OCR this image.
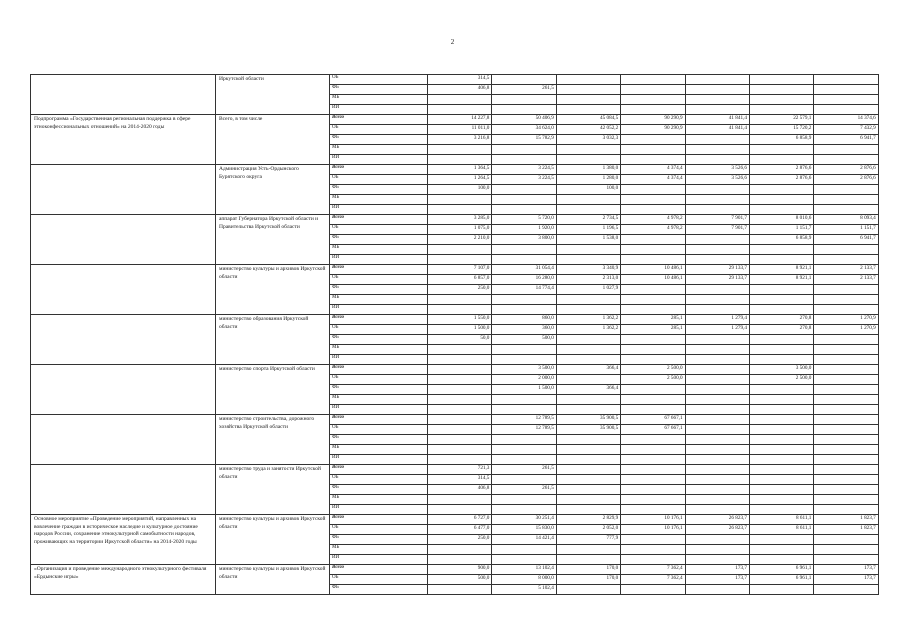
2
	Иркутской области	ОБ	314,5						
		ФБ	406,8	261,5					
		МБ							
		ИИ							
Подпрограмма «Государственная региональная поддержка в сфере этноконфессиональных отношений» на 2014-2020 годы	Всего, в том числе	Всего	14 227,8	50 406,9	45 084,5	90 290,9	41 841,4	22 579,1	14 374,6
		ОБ	11 011,0	34 624,0	42 052,2	90 290,9	41 841,4	15 720,2	7 432,9
		ФБ	3 216,8	15 782,9	3 032,3			6 858,9	6 941,7
		МБ							
		ИИ							
	Администрация Усть-Ордынского Бурятского округа	Всего	1 364,5	3 224,5	1 380,0	4 374,4	3 526,6	2 876,6	2 876,6
		ОБ	1 264,5	3 224,5	1 280,0	4 374,4	3 526,6	2 876,6	2 876,6
		ФБ	100,0		100,0				
		МБ							
		ИИ							
	аппарат Губернатора Иркутской области и Правительства Иркутской области	Всего	3 285,0	5 720,0	2 734,5	4 978,2	7 901,7	8 010,6	8 093,4
		ОБ	1 075,0	1 920,0	1 196,5	4 978,2	7 901,7	1 151,7	1 151,7
		ФБ	2 210,0	3 800,0	1 538,0			6 858,9	6 941,7
		МБ							
		ИИ							
	министерство культуры и архивов Иркутской области	Всего	7 107,0	31 054,4	3 340,9	10 486,1	29 133,7	8 921,1	2 133,7
		ОБ	6 857,0	16 280,0	2 313,0	10 486,1	29 133,7	8 921,1	2 133,7
		ФБ	250,0	14 774,4	1 027,9				
		МБ							
		ИИ							
	министерство образования Иркутской области	Всего	1 550,0	860,0	1 362,2	285,1	1 279,4	270,8	1 270,9
		ОБ	1 500,0	360,0	1 362,2	285,1	1 279,4	270,8	1 270,9
		ФБ	50,0	500,0					
		МБ							
		ИИ							
	министерство спорта Иркутской области	Всего		3 500,0	366,4	2 500,0		3 500,0	
		ОБ		2 000,0		2 500,0		2 500,0	
		ФБ		1 500,0	366,4				
		МБ							
		ИИ							
	министерство строительства, дорожного хозяйства Иркутской области	Всего		12 789,5	35 900,5	67 667,1			
		ОБ		12 789,5	35 900,5	67 667,1			
		ФБ							
		МБ							
		ИИ							
	министерство труда и занятости Иркутской области	Всего	721,3	261,5					
		ОБ	314,5						
		ФБ	406,8	261,5					
		МБ							
		ИИ							
Основное мероприятие «Проведение мероприятий, направленных на вовлечение граждан в историческое наследие и культурное достояние народов России, сохранение этнокультурной самобытности народов, проживающих на территории Иркутской области» на 2014-2020 годы	министерство культуры и архивов Иркутской области	Всего	6 727,0	30 251,4	2 829,9	10 176,1	26 823,7	8 611,1	1 823,7
		ОБ	6 477,0	15 830,0	2 052,0	10 176,1	26 823,7	8 611,1	1 823,7
		ФБ	250,0	14 421,4	777,9				
		МБ							
		ИИ							
«Организация и проведение международного этнокультурного фестиваля «Ердынские игры»	министерство культуры и архивов Иркутской области	Всего	900,0	13 102,4	170,0	7 362,4	173,7	6 961,1	173,7
		ОБ	500,0	8 000,0	170,0	7 362,4	173,7	6 961,1	173,7
		ФБ		5 102,4					
